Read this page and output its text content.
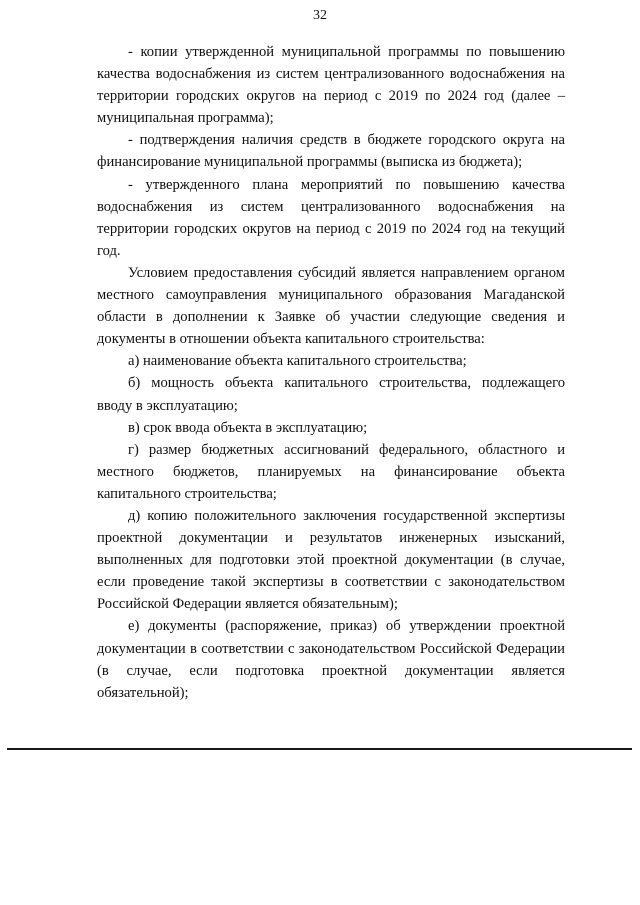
32

- копии утвержденной муниципальной программы по повышению качества водоснабжения из систем централизованного водоснабжения на территории городских округов на период с 2019 по 2024 год (далее – муниципальная программа);

- подтверждения наличия средств в бюджете городского округа на финансирование муниципальной программы (выписка из бюджета);

- утвержденного плана мероприятий по повышению качества водоснабжения из систем централизованного водоснабжения на территории городских округов на период с 2019 по 2024 год на текущий год.

Условием предоставления субсидий является направлением органом местного самоуправления муниципального образования Магаданской области в дополнении к Заявке об участии следующие сведения и документы в отношении объекта капитального строительства:

а) наименование объекта капитального строительства;

б) мощность объекта капитального строительства, подлежащего вводу в эксплуатацию;

в) срок ввода объекта в эксплуатацию;

г) размер бюджетных ассигнований федерального, областного и местного бюджетов, планируемых на финансирование объекта капитального строительства;

д) копию положительного заключения государственной экспертизы проектной документации и результатов инженерных изысканий, выполненных для подготовки этой проектной документации (в случае, если проведение такой экспертизы в соответствии с законодательством Российской Федерации является обязательным);

е) документы (распоряжение, приказ) об утверждении проектной документации в соответствии с законодательством Российской Федерации (в случае, если подготовка проектной документации является обязательной);
